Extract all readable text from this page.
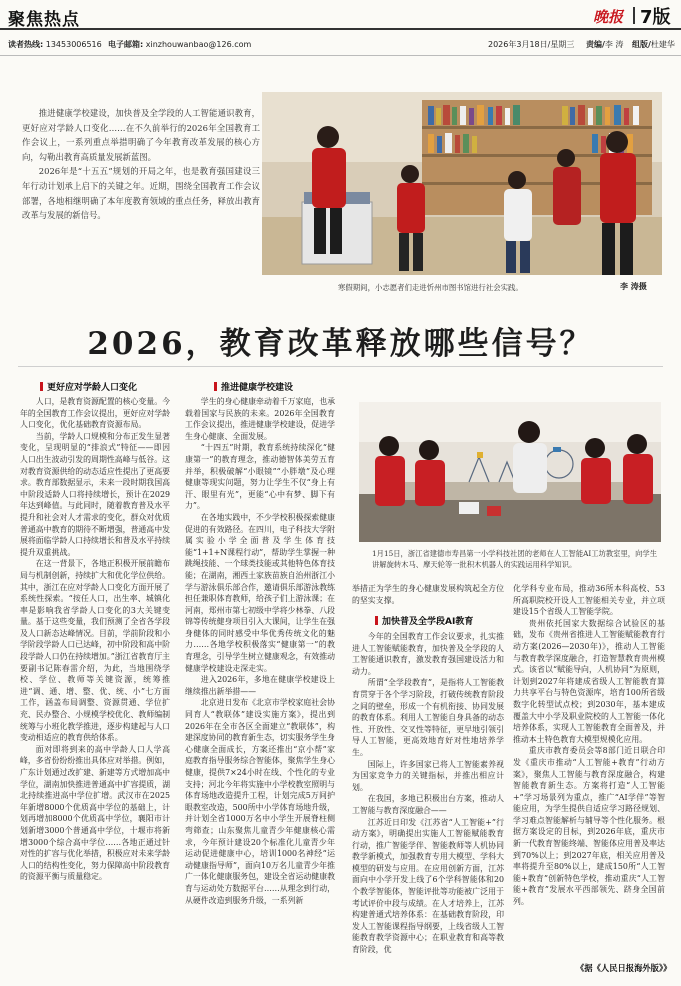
聚焦热点	晚报 7版
读者热线: 13453006516 电子邮箱: xinzhouwanbao@126.com	2026年3月18日/星期三 责编/李 涛 组版/杜建华

推进健康学校建设，加快普及全学段的人工智能通识教育，更好应对学龄人口变化……在不久前举行的2026年全国教育工作会议上，一系列重点举措明确了今年教育改革发展的核心方向，勾勒出教育高质量发展新蓝图。

2026年是“十五五”规划的开局之年，也是教育强国建设三年行动计划承上启下的关键之年。近期，围绕全国教育工作会议部署，各地相继明确了本年度教育领域的重点任务，释放出教育改革与发展的新信号。

寒假期间，小志愿者们走进忻州市图书馆进行社会实践。	李 涛摄
2026，教育改革释放哪些信号？
更好应对学龄人口变化

人口，是教育资源配置的核心变量。今年的全国教育工作会议提出，更好应对学龄人口变化，优化基础教育资源布局。

当前，学龄人口规模和分布正发生显著变化，呈现明显的“排浪式”特征——即因人口出生波动引发的周期性高峰与低谷。这对教育资源供给的动态适应性提出了更高要求。教育部数据显示，未来一段时期我国高中阶段适龄人口将持续增长，预计在2029年达到峰值。与此同时，随着教育普及水平提升和社会对人才需求的变化，群众对优质普通高中教育的期待不断增强，普通高中发展将面临学龄人口持续增长和普及水平持续提升双重挑战。

在这一背景下，各地正积极开展前瞻布局与机制创新，持续扩大和优化学位供给。其中，浙江在应对学龄人口变化方面开展了系统性探索。“按任人口，出生率、城镇化率是影响我省学龄人口变化的3大关键变量。基于这些变量，我们预测了全省各学段及人口新态达峰情况。目前，学前阶段和小学阶段学龄人口已达峰，初中阶段和高中阶段学龄人口仍在持续增加。”浙江省教育厅主要副书记陈春雷介绍，为此，当地围绕学校、学位、教师等关键资源，统筹推进“调、通、增、整、优、统、小”七方面工作，涵盖布局调整、资源贯通、学位扩充、民办整合、小规模学校优化、教师编制统筹与小班化教学推进，逐步构建起与人口变动相适应的教育供给体系。

面对即将到来的高中学龄人口人学高峰，多省份纷纷推出具体应对举措。例如，广东计划通过改扩建、新建等方式增加高中学位，湖南加快推进普通高中扩容提质，湖北持续推进高中学位扩增。武汉市在2025年新增8000个优质高中学位的基础上，计划再增加8000个优质高中学位，襄阳市计划新增3000个普通高中学位，十堰市将新增3000个综合高中学位……各地正通过针对性的扩容与优化举措，积极应对未来学龄人口的结构性变化，努力保障高中阶段教育的资源平衡与质量稳定。

推进健康学校建设

学生的身心健康牵动着千万家庭，也承载着国家与民族的未来。2026年全国教育工作会议提出，推进健康学校建设，促进学生身心健康、全面发展。

“十四五”时期，教育系统持续深化“健康第一”的教育理念，推动德智体美劳五育并举，积极破解“小眼镜”“小胖墩”及心理健康等现实问题，努力让学生不仅“身上有汗、眼里有光”，更能“心中有梦、脚下有力”。

在各地实践中，不少学校积极探索健康促进的有效路径。在四川，电子科技大学附属实验小学全面普及学生体育技能“1+1+N课程行动”，帮助学生掌握一种跳绳技能、一个球类技能或其他特色体育技能；在湖南，湘西土家族苗族自治州浙江小学与游泳俱乐部合作，邀请俱乐部游泳教练担任兼职体育教师，给孩子们上游泳课；在河南，郑州市第七初级中学将少林拳、八段锦等传统健身项目引入大课间，让学生在强身健体的同时感受中华优秀传统文化的魅力……各地学校积极落实“健康第一”的教育理念，引导学生树立健康观念，有效推动健康学校建设走深走实。

进入2026年，多地在健康学校建设上继续推出新举措——

北京进日发布《北京市学校家庭社会协同育人“教联体”建设实施方案》，提出到2026年在全市各区全面建立“教联体”，构建深度协同的教育新生态，切实服务学生身心健康全面成长，方案还推出“京小帮”家庭教育指导服务综合智能体，聚焦学生身心健康，提供7×24小时在线、个性化的专业支持；河北今年将实施中小学校教室照明与体育场地改造提升工程，计划完成5万间护眼教室改造，500所中小学体育场地升级，并计划全省1000万名中小学生开展脊柱侧弯筛查；山东聚焦儿童青少年健康核心需求，今年预计建设20个标准化儿童青少年运动促进健康中心，培训1000名神经“运动健康指导师”，面向10万名儿童青少年推广一体化健康服务包，建设全省运动健康教育与运动处方数据平台……从理念到行动，从硬件改造到服务升级，一系列新

1月15日，浙江省建德市寿昌第一小学科技社团的老师在人工智能AI工坊教室里，向学生讲解旋转木马、摩天轮等一批积木机器人的实践运用科学知识。

举措正为学生的身心健康发展构筑起全方位的坚实支撑。

加快普及全学段AI教育

今年的全国教育工作会议要求，扎实推进人工智能赋能教育，加快普及全学段的人工智能通识教育，激发教育强国建设活力和动力。

所谓“全学段教育”，是指将人工智能教育贯穿于各个学习阶段，打破传统教育阶段之间的壁垒，形成一个有机衔接、协同发展的教育体系。利用人工智能自身具备的动态性、开放性、交叉性等特征，更早地引领引导人工智能，更高效地育好对性地培养学生。

国际上，许多国家已将人工智能素养视为国家竞争力的关键指标，并推出相应计划。

在我国，多地已积极出台方案，推动人工智能与教育深度融合——

江苏近日印发《江苏省“人工智能+”行动方案》，明确提出实施人工智能赋能教育行动，推广智能学伴、智能教师等人机协同教学新模式，加强教育专用大模型、学科大模型的研发与应用。在应用创新方面，江苏面向中小学开发上线了6个学科智能体和20个教学智能体，智能评批等功能被广泛用于考试评价中段与成绩。在人才培养上，江苏构建普通式培养体系：在基础教育阶段，印发人工智能课程指导纲要，上线省级人工智能教育教学资源中心；在职业教育和高等教育阶段，优

化学科专业布局，推动36所本科高校、53所高职院校开设人工智能相关专业，并立项建设15个省级人工智能学院。

贵州依托国家大数据综合试验区的基础，发布《贵州省推进人工智能赋能教育行动方案(2026—2030年)》，推动人工智能与教育教学深度融合，打造智慧教育贵州模式。该省以“赋能导向，人机协同”为原则，计划到2027年将建成省级人工智能教育算力共享平台与特色资源库，培育100所省级数字化转型试点校；到2030年，基本建成覆盖大中小学及职业院校的人工智能一体化培养体系，实现人工智能教育全面普及，并推动本土特色教育大模型规模化应用。

重庆市教育委员会等8部门近日联合印发《重庆市推动“人工智能+教育”行动方案》，聚焦人工智能与教育深度融合，构建智能教育新生态。方案将打造“人工智能+”学习场景列为重点，推广“AI学伴”等智能应用，为学生提供自适应学习路径规划、学习难点智能解析与辅导等个性化服务。根据方案设定的目标，到2026年底，重庆市新一代教育智能终端、智能体应用普及率达到70%以上；到2027年底，相关应用普及率将提升至80%以上，建成150所“人工智能+教育”创新特色学校，推动重庆“人工智能+教育”发展水平西部领先、跻身全国前列。

《据《人民日报海外版》》
